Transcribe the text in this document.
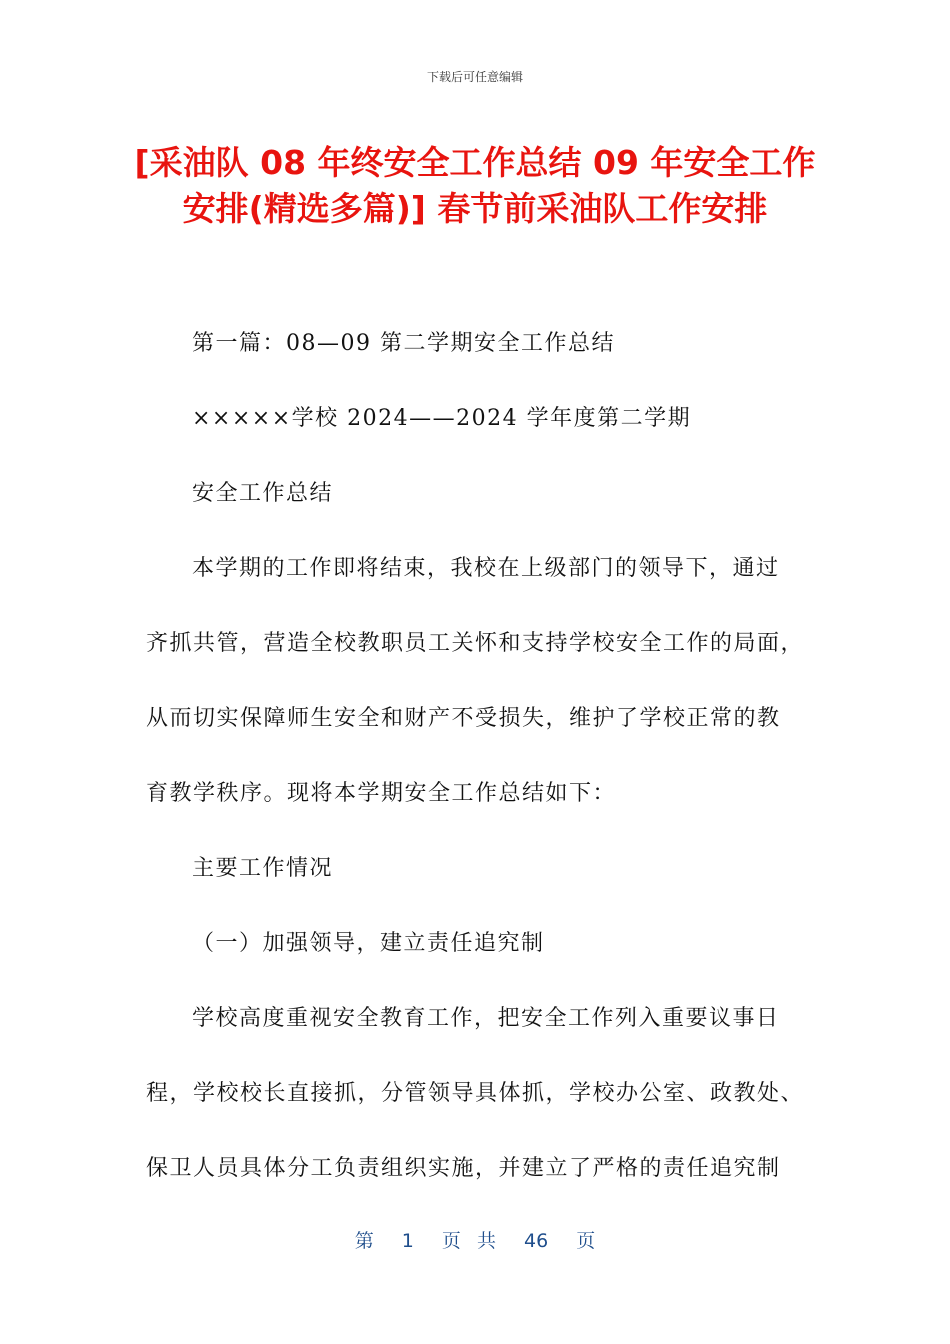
下载后可任意编辑
[采油队 08 年终安全工作总结 09 年安全工作
安排(精选多篇)] 春节前采油队工作安排
第一篇：08—09 第二学期安全工作总结
×××××学校 2024——2024 学年度第二学期
安全工作总结
本学期的工作即将结束，我校在上级部门的领导下，通过
齐抓共管，营造全校教职员工关怀和支持学校安全工作的局面，
从而切实保障师生安全和财产不受损失，维护了学校正常的教
育教学秩序。现将本学期安全工作总结如下：
主要工作情况
（一）加强领导，建立责任追究制
学校高度重视安全教育工作，把安全工作列入重要议事日
程，学校校长直接抓，分管领导具体抓，学校办公室、政教处、
保卫人员具体分工负责组织实施，并建立了严格的责任追究制
第 1 页 共 46 页
